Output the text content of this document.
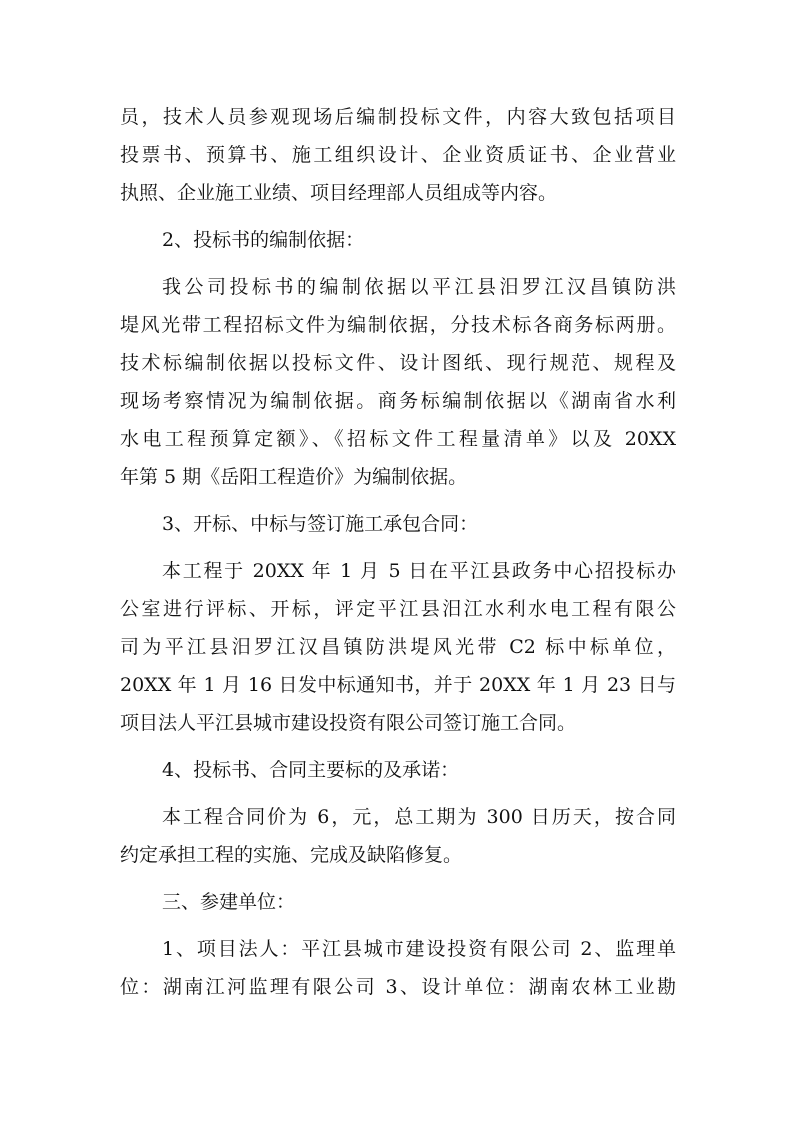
员，技术人员参观现场后编制投标文件，内容大致包括项目
投票书、预算书、施工组织设计、企业资质证书、企业营业
执照、企业施工业绩、项目经理部人员组成等内容。
2、投标书的编制依据：
我公司投标书的编制依据以平江县汨罗江汉昌镇防洪
堤风光带工程招标文件为编制依据，分技术标各商务标两册。
技术标编制依据以投标文件、设计图纸、现行规范、规程及
现场考察情况为编制依据。商务标编制依据以《湖南省水利
水电工程预算定额》、《招标文件工程量清单》以及 20XX
年第 5 期《岳阳工程造价》为编制依据。
3、开标、中标与签订施工承包合同：
本工程于 20XX 年 1 月 5 日在平江县政务中心招投标办
公室进行评标、开标，评定平江县汨江水利水电工程有限公
司为平江县汨罗江汉昌镇防洪堤风光带 C2 标中标单位，
20XX 年 1 月 16 日发中标通知书，并于 20XX 年 1 月 23 日与
项目法人平江县城市建设投资有限公司签订施工合同。
4、投标书、合同主要标的及承诺：
本工程合同价为 6，元，总工期为 300 日历天，按合同
约定承担工程的实施、完成及缺陷修复。
三、参建单位：
1、项目法人：平江县城市建设投资有限公司 2、监理单
位：湖南江河监理有限公司 3、设计单位：湖南农林工业勘
